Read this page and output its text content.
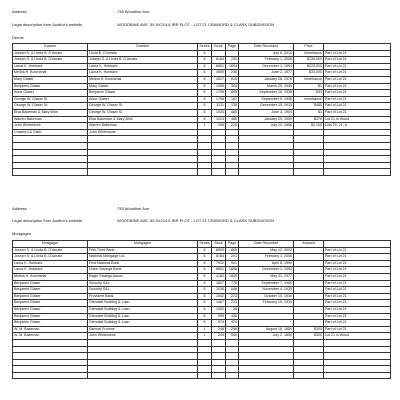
Address	735 Woodline Ave.
Legal description from Auditor's website	WOODBINE AVE. 55.5X214.6 IRR PLOT - LOT 21 CRAWORD & CLARK SUBDIVISION
Deeds
Grantor	Grantee	Series	Book	Page	Date Recorded	Price	
Joseph S. & Linda B. D'Amato	Linda B. D'Amato	6			July 6, 2010	Inheritance	Part of Lot 21
Joseph S. & Linda B. D'Amato	Joseph S. & Linda B. D'Amato	6	8184	200	February 1, 2008	$236,000	Part of Lot 21
Laura K. Hubbard	Laura K. Hubbard	6	6651	1694	December 1, 1994	$220,000	Part of Lot 21
Melina H. Burchenal	Laura K. Hubbard	6	4080	236	June 2, 1977	$33,000	Part of Lot 21
Mary Glaser	Melina H. Burchenal	6	4027	815	January 26, 1976	Inheritance	Part of Lot 21
Benjamin Glaser	Mary Glaser	6	1955	344	March 25, 1949	$1	Part of Lot 21
Anne Glaser	Benjamin Glaser	6	1798	445	September 16, 1938	D/R	Part of Lot 21
George W. Glaser Sr.	Anne Glaser	6	1798	187	September 9, 1938	Inheritance	Part of Lot 21
George W. Glaser Sr.	George W. Glaser Sr.	6	1131	135	December 15, 1915	$480	Part of Lot 21
Elsa Bakeman & Mary Birin	George W. Glaser Sr.	6	1024	485	June 3, 1909	$1	Part of Lot 21
Warren Bakeman	Elsa Bakeman & Mary Birin	6	1024	485	January 29, 1909	$370	Lot 21 in Wood
John Whitestone	Warren Bakeman	1	298	219	July 20, 1856	$3,100	Lots 29, 21, &
Crawford & Clark	John Whitestone						

Address	735 Woodline Ave.
Legal description from Auditor's website	WOODBINE AVE. 55.5X214.6 IRR PLOT - LOT 21 CRAWORD & CLARK SUBDIVISION
Mortgages
Mortgagor	Mortgagee	Series	Book	Page	Date Recorded	Amount	
Joseph S. & Linda B. D'Amato	Fifth Third Bank	6	8909	865	May 12, 2002		Part of Lot 21
Joseph S. & Linda B. D'Amato	National Mortgage Ltd.	6	8184	201	February 1, 2008		Part of Lot 21
Laura K. Hubbard	First National Bank	6	7932	901	April 8, 1999		Part of Lot 21
Laura K. Hubbard	Union Savings Bank	6	6651	1896	December 1, 1994		Part of Lot 21
Melina H. Burchenal	Eagle Savings Assoc.	6	4162	1840	May 31, 1977		Part of Lot 21
Benjamin Glaser	Security S&L	6	1807	778	September 7, 1960		Part of Lot 21
Benjamin Glaser	Security S&L	6	1036	646	November 4, 1935		Part of Lot 21
Benjamin Glaser	Provident Bank	6	1542	273	October 10, 1930		Part of Lot 21
Benjamin Glaser	Glendale Building & Loan	6	1067	223	February 15, 1919		Part of Lot 21
Benjamin Glaser	Glendale Building & Loan	6	1052	36			Part of Lot 21
Benjamin Glaser	Glendale Building & Loan	6	999	436			Part of Lot 21
Benjamin Glaser	Glendale Building & Loan	6	974	474			Part of Lot 21
W. M. Bakeman	Samuel Froome	1	246	296	August 18, 1859	$300	Part of Lot 21
W. M. Bakeman	John Whitestone	1	244	549	July 2, 1859	$300	Lot 21 in Wood
